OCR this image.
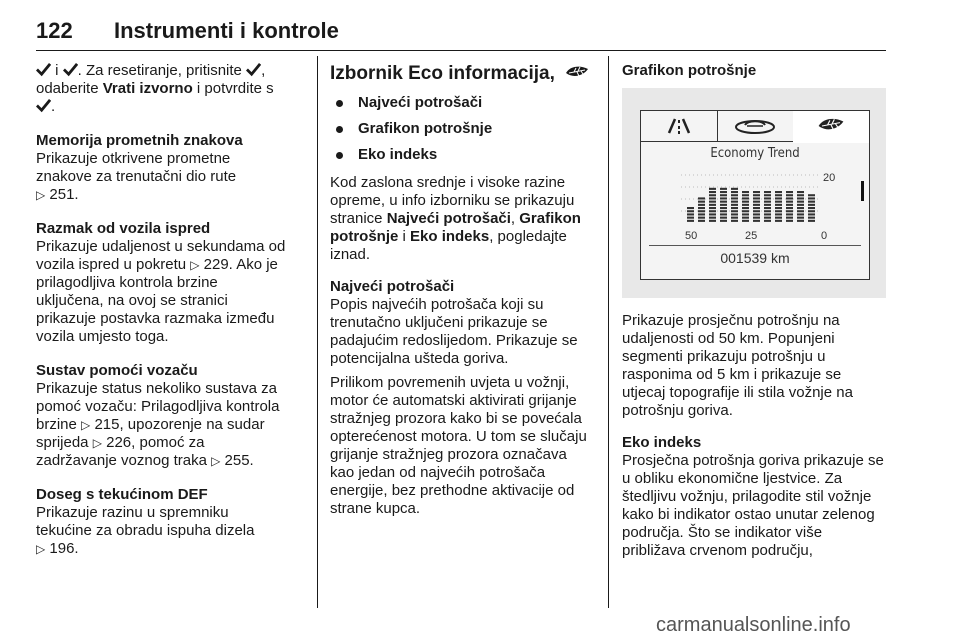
122 Instrumenti i kontrole
i . Za resetiranje, pritisnite ,
odaberite Vrati izvorno i potvrdite s
.
Memorija prometnih znakova
Prikazuje otkrivene prometne
znakove za trenutačni dio rute
▷ 251.
Razmak od vozila ispred
Prikazuje udaljenost u sekundama od
vozila ispred u pokretu ▷ 229. Ako je
prilagodljiva kontrola brzine
uključena, na ovoj se stranici
prikazuje postavka razmaka između
vozila umjesto toga.
Sustav pomoći vozaču
Prikazuje status nekoliko sustava za
pomoć vozaču: Prilagodljiva kontrola
brzine ▷ 215, upozorenje na sudar
sprijeda ▷ 226, pomoć za
zadržavanje voznog traka ▷ 255.
Doseg s tekućinom DEF
Prikazuje razinu u spremniku
tekućine za obradu ispuha dizela
▷ 196.
Izbornik Eco informacija,
Najveći potrošači
Grafikon potrošnje
Eko indeks
Kod zaslona srednje i visoke razine opreme, u info izborniku se prikazuju stranice Najveći potrošači, Grafikon potrošnje i Eko indeks, pogledajte iznad.
Najveći potrošači
Popis najvećih potrošača koji su trenutačno uključeni prikazuje se padajućim redoslijedom. Prikazuje se potencijalna ušteda goriva.
Prilikom povremenih uvjeta u vožnji, motor će automatski aktivirati grijanje stražnjeg prozora kako bi se povećala opterećenost motora. U tom se slučaju grijanje stražnjeg prozora označava kao jedan od najvećih potrošača energije, bez prethodne aktivacije od strane kupca.
Grafikon potrošnje
Economy Trend
20
50	25	0
001539 km
Prikazuje prosječnu potrošnju na udaljenosti od 50 km. Popunjeni segmenti prikazuju potrošnju u rasponima od 5 km i prikazuje se utjecaj topografije ili stila vožnje na potrošnju goriva.
Eko indeks
Prosječna potrošnja goriva prikazuje se u obliku ekonomične ljestvice. Za štedljivu vožnju, prilagodite stil vožnje kako bi indikator ostao unutar zelenog područja. Što se indikator više približava crvenom području,
carmanualsonline.info
